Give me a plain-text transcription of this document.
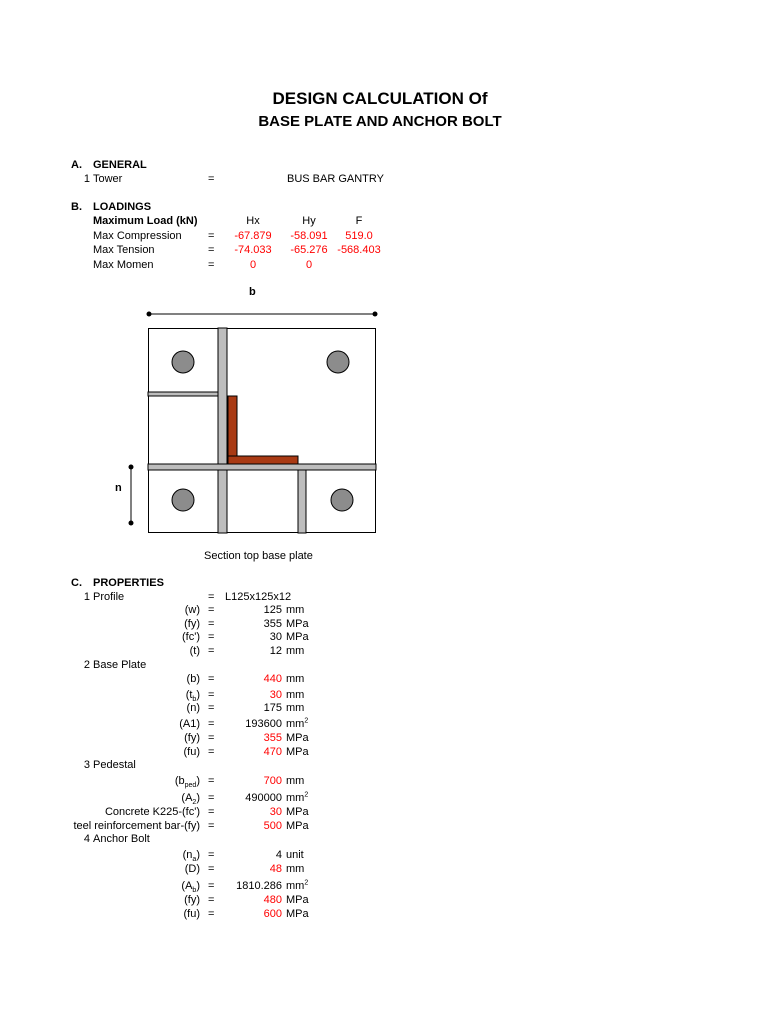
DESIGN CALCULATION Of
BASE PLATE AND ANCHOR BOLT
A. GENERAL
1 Tower	=	BUS BAR GANTRY
B. LOADINGS
Maximum Load (kN)	Hx	Hy	F
Max Compression =	-67.879	-58.091	519.0
Max Tension	=	-74.033	-65.276 -568.403
Max Momen	=	0	0
b
n
Section top base plate
C. PROPERTIES
1 Profile	= L125x125x12
(w) =	125 mm
(fy) =	355 MPa
(fc') =	30 MPa
(t) =	12 mm
2 Base Plate
(b) =	440 mm
$(t_b)$ =	30 mm
(n) =	175 mm
(A1) =	193600 $mm^2$
(fy) =	355 MPa
(fu) =	470 MPa
3 Pedestal
$(b_{ped})$ =	700 mm
$(A_2)$ =	490000 $mm^2$
Concrete K225-(fc') =	30 MPa
teel reinforcement bar-(fy) =	500 MPa
4 Anchor Bolt
$(n_a)$ =	4 unit
(D) =	48 mm
$(A_b)$ =	1810.286 $mm^2$
(fy) =	480 MPa
(fu) =	600 MPa
